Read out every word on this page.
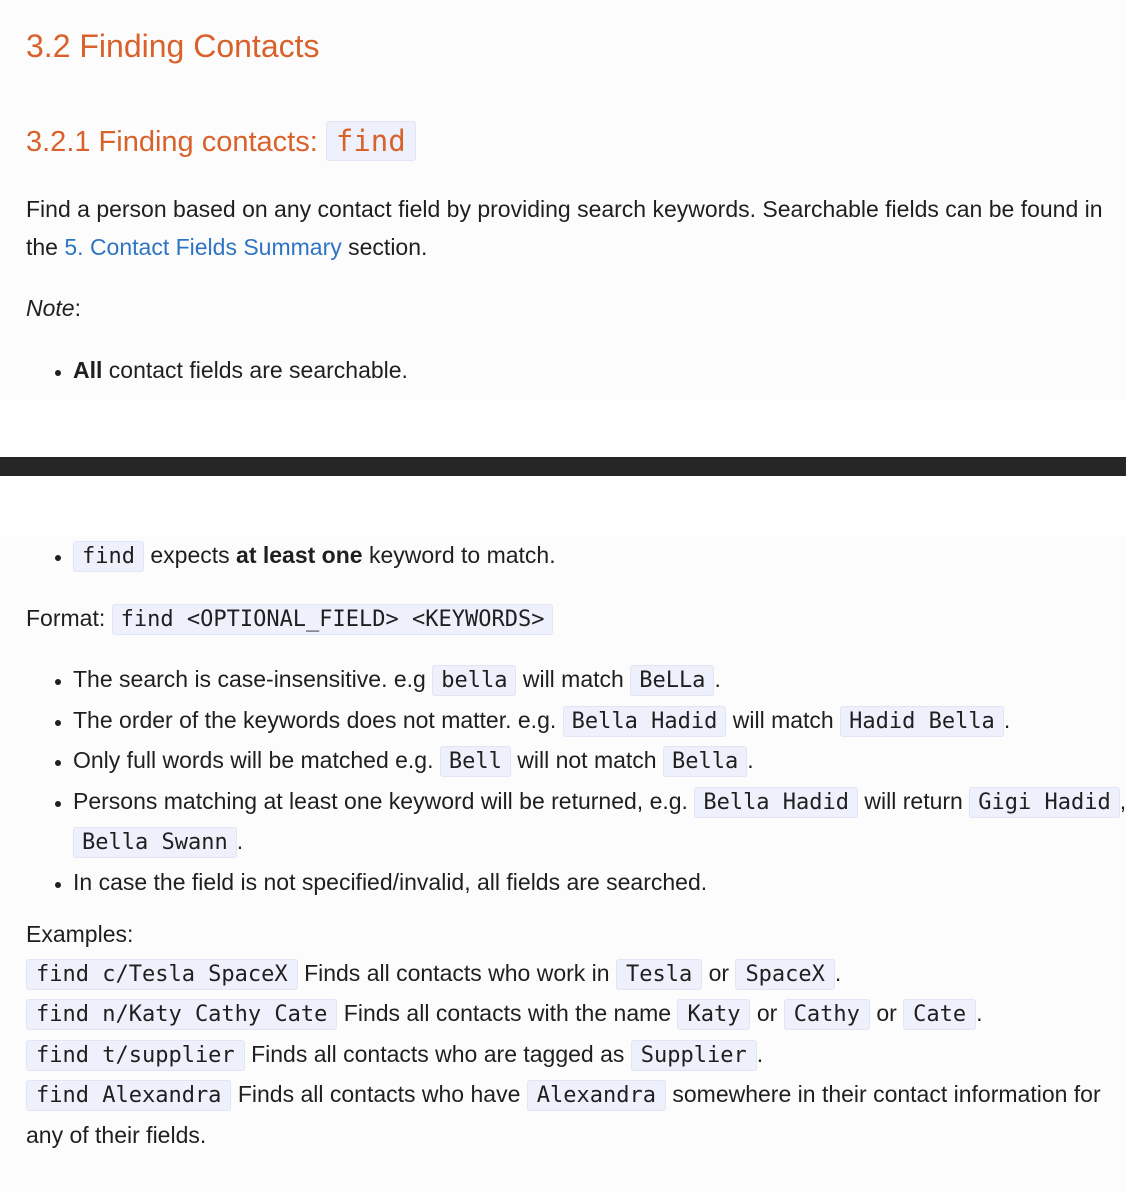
3.2 Finding Contacts
3.2.1 Finding contacts: find

Find a person based on any contact field by providing search keywords. Searchable fields can be found in the 5. Contact Fields Summary section.

Note:

• All contact fields are searchable.
• find expects at least one keyword to match.

Format: find <OPTIONAL_FIELD> <KEYWORDS>

• The search is case-insensitive. e.g bella will match BeLLa .
• The order of the keywords does not matter. e.g. Bella Hadid will match Hadid Bella .
• Only full words will be matched e.g. Bell will not match Bella .
• Persons matching at least one keyword will be returned, e.g. Bella Hadid will return Gigi Hadid , Bella Swann .
• In case the field is not specified/invalid, all fields are searched.
Examples:
find c/Tesla SpaceX Finds all contacts who work in Tesla or SpaceX .
find n/Katy Cathy Cate Finds all contacts with the name Katy or Cathy or Cate .
find t/supplier Finds all contacts who are tagged as Supplier .
find Alexandra Finds all contacts who have Alexandra somewhere in their contact information for any of their fields.
